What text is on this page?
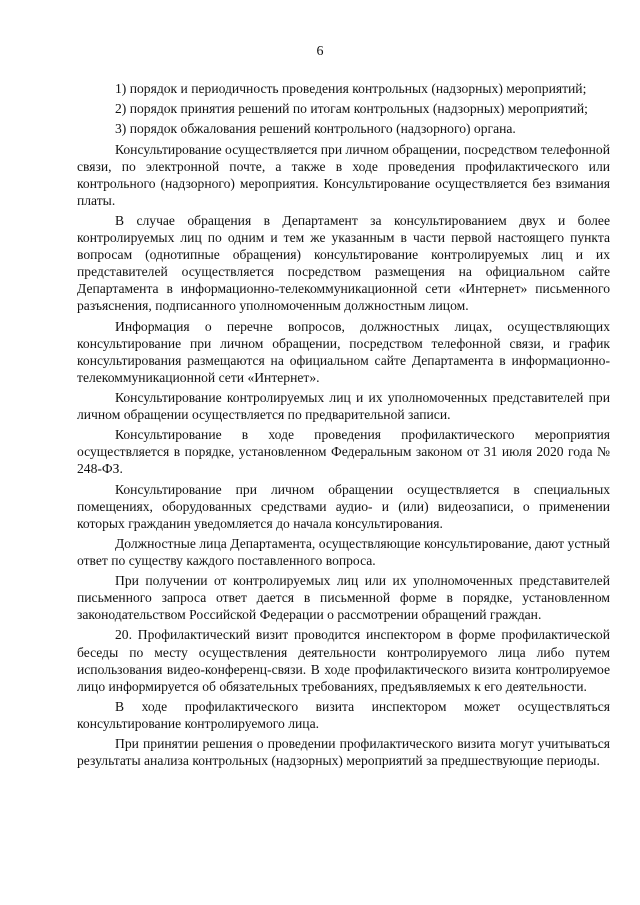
6

1) порядок и периодичность проведения контрольных (надзорных) мероприятий;

2) порядок принятия решений по итогам контрольных (надзорных) мероприятий;

3) порядок обжалования решений контрольного (надзорного) органа.

Консультирование осуществляется при личном обращении, посредством телефонной связи, по электронной почте, а также в ходе проведения профилактического или контрольного (надзорного) мероприятия. Консультирование осуществляется без взимания платы.

В случае обращения в Департамент за консультированием двух и более контролируемых лиц по одним и тем же указанным в части первой настоящего пункта вопросам (однотипные обращения) консультирование контролируемых лиц и их представителей осуществляется посредством размещения на официальном сайте Департамента в информационно-телекоммуникационной сети «Интернет» письменного разъяснения, подписанного уполномоченным должностным лицом.

Информация о перечне вопросов, должностных лицах, осуществляющих консультирование при личном обращении, посредством телефонной связи, и график консультирования размещаются на официальном сайте Департамента в информационно-телекоммуникационной сети «Интернет».

Консультирование контролируемых лиц и их уполномоченных представителей при личном обращении осуществляется по предварительной записи.

Консультирование в ходе проведения профилактического мероприятия осуществляется в порядке, установленном Федеральным законом от 31 июля 2020 года № 248-ФЗ.

Консультирование при личном обращении осуществляется в специальных помещениях, оборудованных средствами аудио- и (или) видеозаписи, о применении которых гражданин уведомляется до начала консультирования.

Должностные лица Департамента, осуществляющие консультирование, дают устный ответ по существу каждого поставленного вопроса.

При получении от контролируемых лиц или их уполномоченных представителей письменного запроса ответ дается в письменной форме в порядке, установленном законодательством Российской Федерации о рассмотрении обращений граждан.

20. Профилактический визит проводится инспектором в форме профилактической беседы по месту осуществления деятельности контролируемого лица либо путем использования видео-конференц-связи. В ходе профилактического визита контролируемое лицо информируется об обязательных требованиях, предъявляемых к его деятельности.

В ходе профилактического визита инспектором может осуществляться консультирование контролируемого лица.

При принятии решения о проведении профилактического визита могут учитываться результаты анализа контрольных (надзорных) мероприятий за предшествующие периоды.
